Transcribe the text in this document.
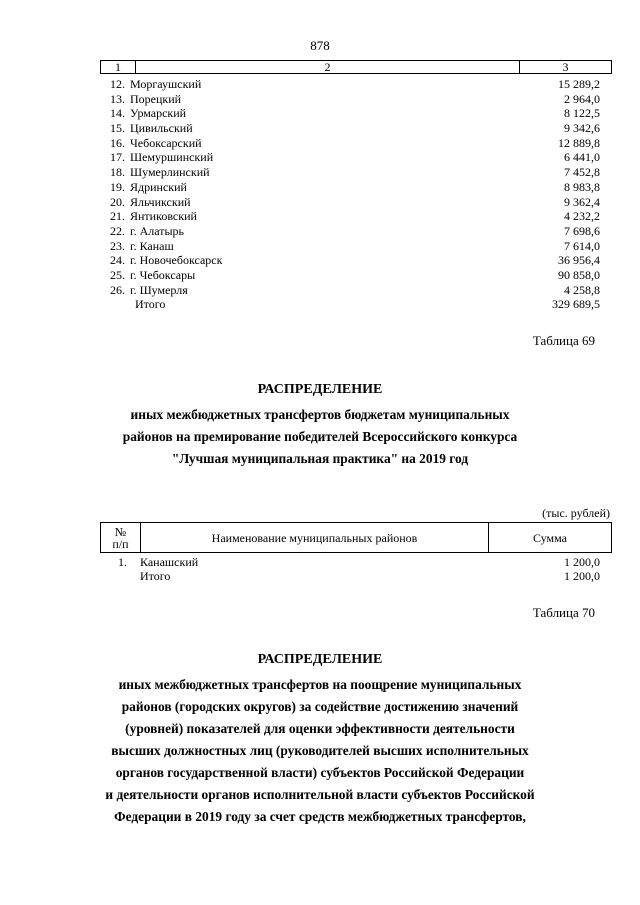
878
1	2	3
12. Моргаушский	15 289,2
13. Порецкий	2 964,0
14. Урмарский	8 122,5
15. Цивильский	9 342,6
16. Чебоксарский	12 889,8
17. Шемуршинский	6 441,0
18. Шумерлинский	7 452,8
19. Ядринский	8 983,8
20. Яльчикский	9 362,4
21. Янтиковский	4 232,2
22. г. Алатырь	7 698,6
23. г. Канаш	7 614,0
24. г. Новочебоксарск	36 956,4
25. г. Чебоксары	90 858,0
26. г. Шумерля	4 258,8
Итого	329 689,5
Таблица 69
РАСПРЕДЕЛЕНИЕ
иных межбюджетных трансфертов бюджетам муниципальных
районов на премирование победителей Всероссийского конкурса
"Лучшая муниципальная практика" на 2019 год
(тыс. рублей)
№
п/п	Наименование муниципальных районов	Сумма
1. Канашский	1 200,0
Итого	1 200,0
Таблица 70
РАСПРЕДЕЛЕНИЕ
иных межбюджетных трансфертов на поощрение муниципальных
районов (городских округов) за содействие достижению значений
(уровней) показателей для оценки эффективности деятельности
высших должностных лиц (руководителей высших исполнительных
органов государственной власти) субъектов Российской Федерации
и деятельности органов исполнительной власти субъектов Российской
Федерации в 2019 году за счет средств межбюджетных трансфертов,
